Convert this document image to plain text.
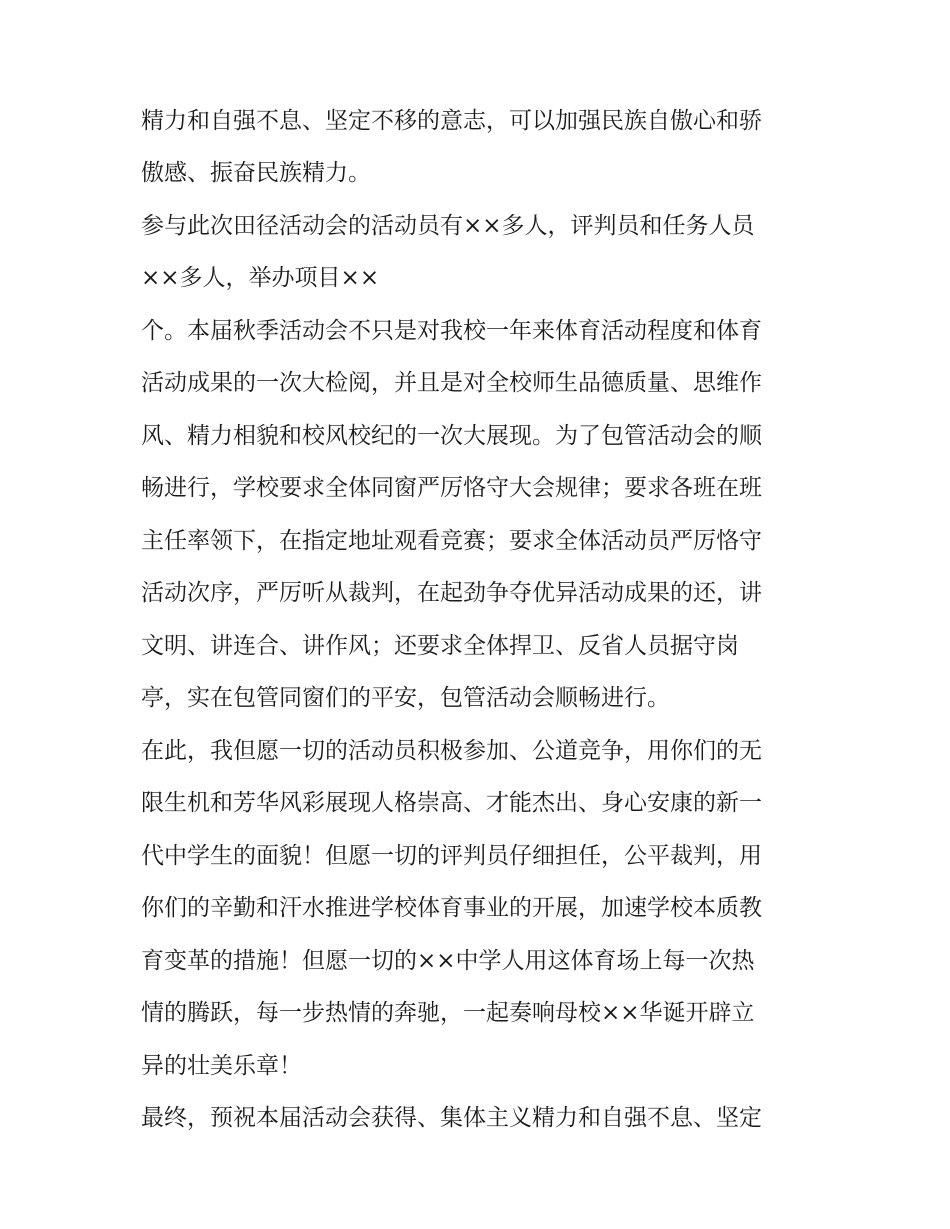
精力和自强不息、坚定不移的意志，可以加强民族自傲心和骄
傲感、振奋民族精力。
参与此次田径活动会的活动员有××多人，评判员和任务人员
××多人，举办项目××
个。本届秋季活动会不只是对我校一年来体育活动程度和体育
活动成果的一次大检阅，并且是对全校师生品德质量、思维作
风、精力相貌和校风校纪的一次大展现。为了包管活动会的顺
畅进行，学校要求全体同窗严厉恪守大会规律；要求各班在班
主任率领下，在指定地址观看竞赛；要求全体活动员严厉恪守
活动次序，严厉听从裁判，在起劲争夺优异活动成果的还，讲
文明、讲连合、讲作风；还要求全体捍卫、反省人员据守岗
亭，实在包管同窗们的平安，包管活动会顺畅进行。
在此，我但愿一切的活动员积极参加、公道竞争，用你们的无
限生机和芳华风彩展现人格崇高、才能杰出、身心安康的新一
代中学生的面貌！但愿一切的评判员仔细担任，公平裁判，用
你们的辛勤和汗水推进学校体育事业的开展，加速学校本质教
育变革的措施！但愿一切的××中学人用这体育场上每一次热
情的腾跃，每一步热情的奔驰，一起奏响母校××华诞开辟立
异的壮美乐章！
最终，预祝本届活动会获得、集体主义精力和自强不息、坚定
